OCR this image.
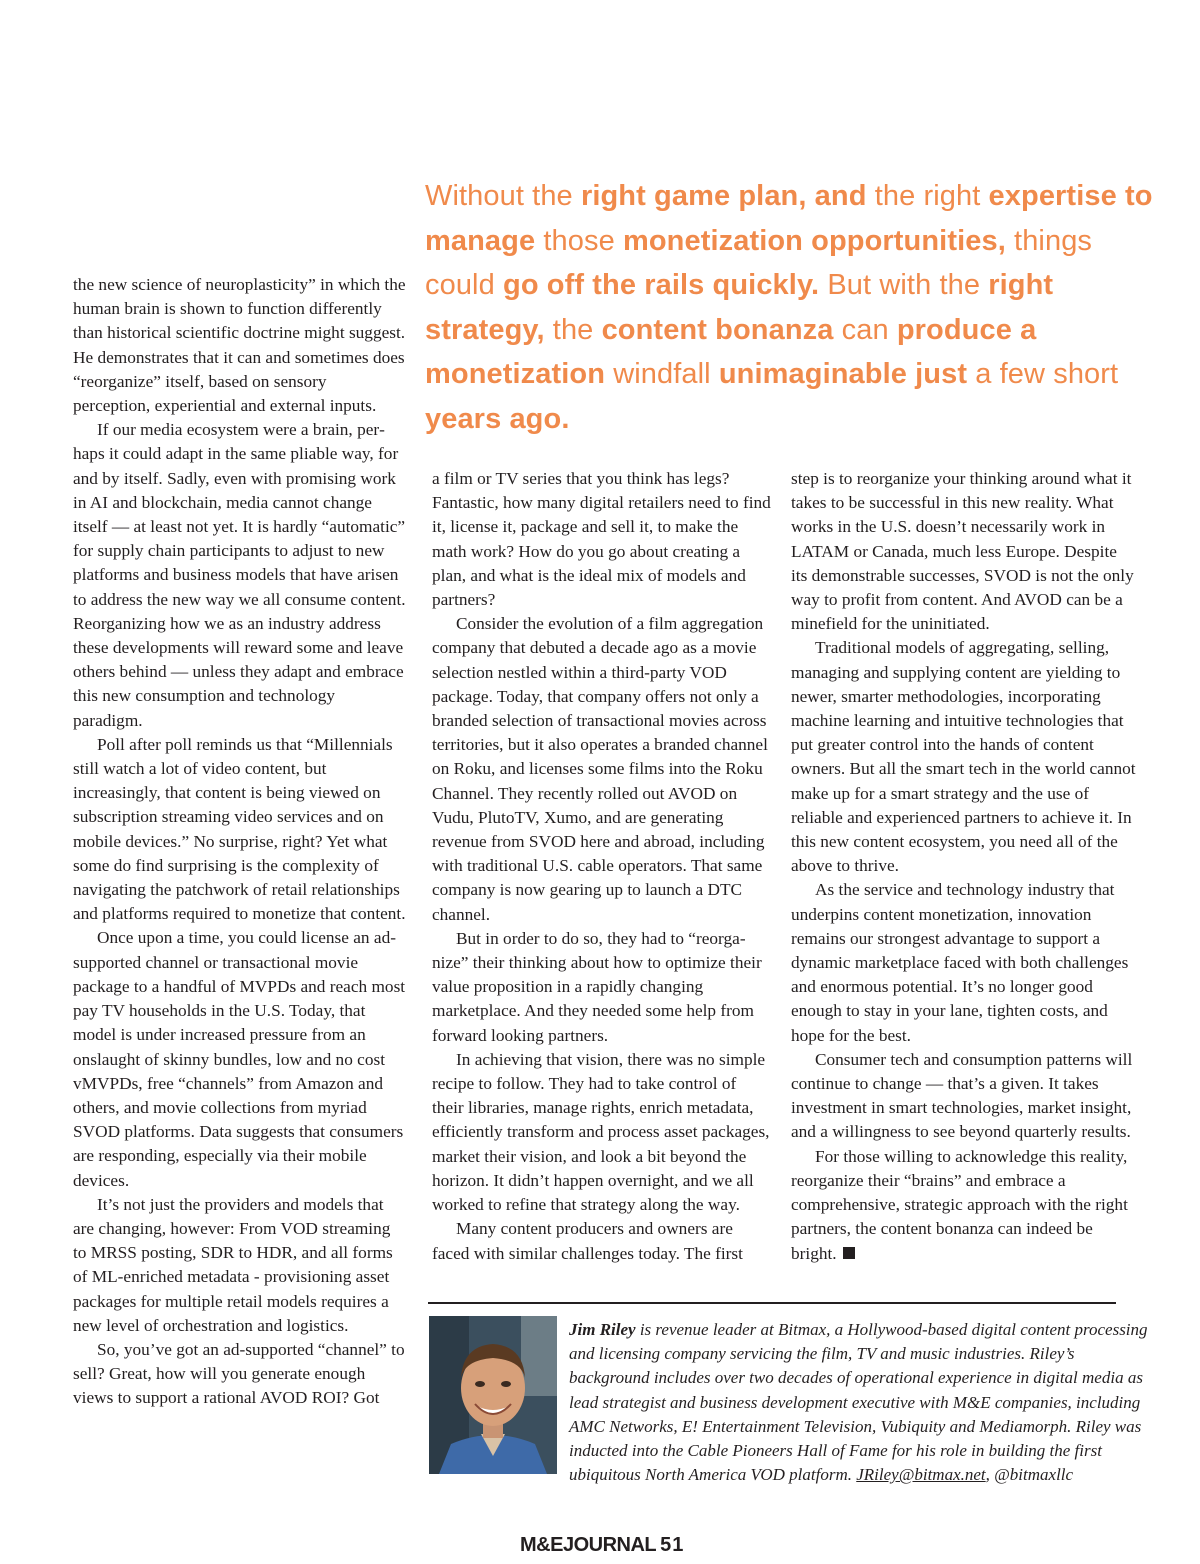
Without the right game plan, and the right expertise to manage those monetization opportunities, things could go off the rails quickly. But with the right strategy, the content bonanza can produce a monetization windfall unimaginable just a few short years ago.

the new science of neuroplasticity” in which the human brain is shown to function differently than historical scientific doctrine might suggest. He demonstrates that it can and sometimes does “reorganize” itself, based on sensory perception, experiential and external inputs.

If our media ecosystem were a brain, perhaps it could adapt in the same pliable way, for and by itself. Sadly, even with promising work in AI and blockchain, media cannot change itself — at least not yet. It is hardly “automatic” for supply chain participants to adjust to new platforms and business models that have arisen to address the new way we all consume content. Reorganizing how we as an industry address these developments will reward some and leave others behind — unless they adapt and embrace this new consumption and technology paradigm.

Poll after poll reminds us that “Millennials still watch a lot of video content, but increasingly, that content is being viewed on subscription streaming video services and on mobile devices.” No surprise, right? Yet what some do find surprising is the complexity of navigating the patchwork of retail relationships and platforms required to monetize that content.

Once upon a time, you could license an ad-supported channel or transactional movie package to a handful of MVPDs and reach most pay TV households in the U.S. Today, that model is under increased pressure from an onslaught of skinny bundles, low and no cost vMVPDs, free “channels” from Amazon and others, and movie collections from myriad SVOD platforms. Data suggests that consumers are responding, especially via their mobile devices.

It’s not just the providers and models that are changing, however: From VOD streaming to MRSS posting, SDR to HDR, and all forms of ML-enriched metadata - provisioning asset packages for multiple retail models requires a new level of orchestration and logistics.

So, you’ve got an ad-supported “channel” to sell? Great, how will you generate enough views to support a rational AVOD ROI? Got

a film or TV series that you think has legs? Fantastic, how many digital retailers need to find it, license it, package and sell it, to make the math work? How do you go about creating a plan, and what is the ideal mix of models and partners?

Consider the evolution of a film aggregation company that debuted a decade ago as a movie selection nestled within a third-party VOD package. Today, that company offers not only a branded selection of transactional movies across territories, but it also operates a branded channel on Roku, and licenses some films into the Roku Channel. They recently rolled out AVOD on Vudu, PlutoTV, Xumo, and are generating revenue from SVOD here and abroad, including with traditional U.S. cable operators. That same company is now gearing up to launch a DTC channel.

But in order to do so, they had to “reorganize” their thinking about how to optimize their value proposition in a rapidly changing marketplace. And they needed some help from forward looking partners.

In achieving that vision, there was no simple recipe to follow. They had to take control of their libraries, manage rights, enrich metadata, efficiently transform and process asset packages, market their vision, and look a bit beyond the horizon. It didn’t happen overnight, and we all worked to refine that strategy along the way.

Many content producers and owners are faced with similar challenges today. The first

step is to reorganize your thinking around what it takes to be successful in this new reality. What works in the U.S. doesn’t necessarily work in LATAM or Canada, much less Europe. Despite its demonstrable successes, SVOD is not the only way to profit from content. And AVOD can be a minefield for the uninitiated.

Traditional models of aggregating, selling, managing and supplying content are yielding to newer, smarter methodologies, incorporating machine learning and intuitive technologies that put greater control into the hands of content owners. But all the smart tech in the world cannot make up for a smart strategy and the use of reliable and experienced partners to achieve it. In this new content ecosystem, you need all of the above to thrive.

As the service and technology industry that underpins content monetization, innovation remains our strongest advantage to support a dynamic marketplace faced with both challenges and enormous potential. It’s no longer good enough to stay in your lane, tighten costs, and hope for the best.

Consumer tech and consumption patterns will continue to change — that’s a given. It takes investment in smart technologies, market insight, and a willingness to see beyond quarterly results.

For those willing to acknowledge this reality, reorganize their “brains” and embrace a comprehensive, strategic approach with the right partners, the content bonanza can indeed be bright.

Jim Riley is revenue leader at Bitmax, a Hollywood-based digital content processing and licensing company servicing the film, TV and music industries. Riley’s background includes over two decades of operational experience in digital media as lead strategist and business development executive with M&E companies, including AMC Networks, E! Entertainment Television, Vubiquity and Mediamorph. Riley was inducted into the Cable Pioneers Hall of Fame for his role in building the first ubiquitous North America VOD platform. JRiley@bitmax.net, @bitmaxllc
M&EJOURNAL 51
